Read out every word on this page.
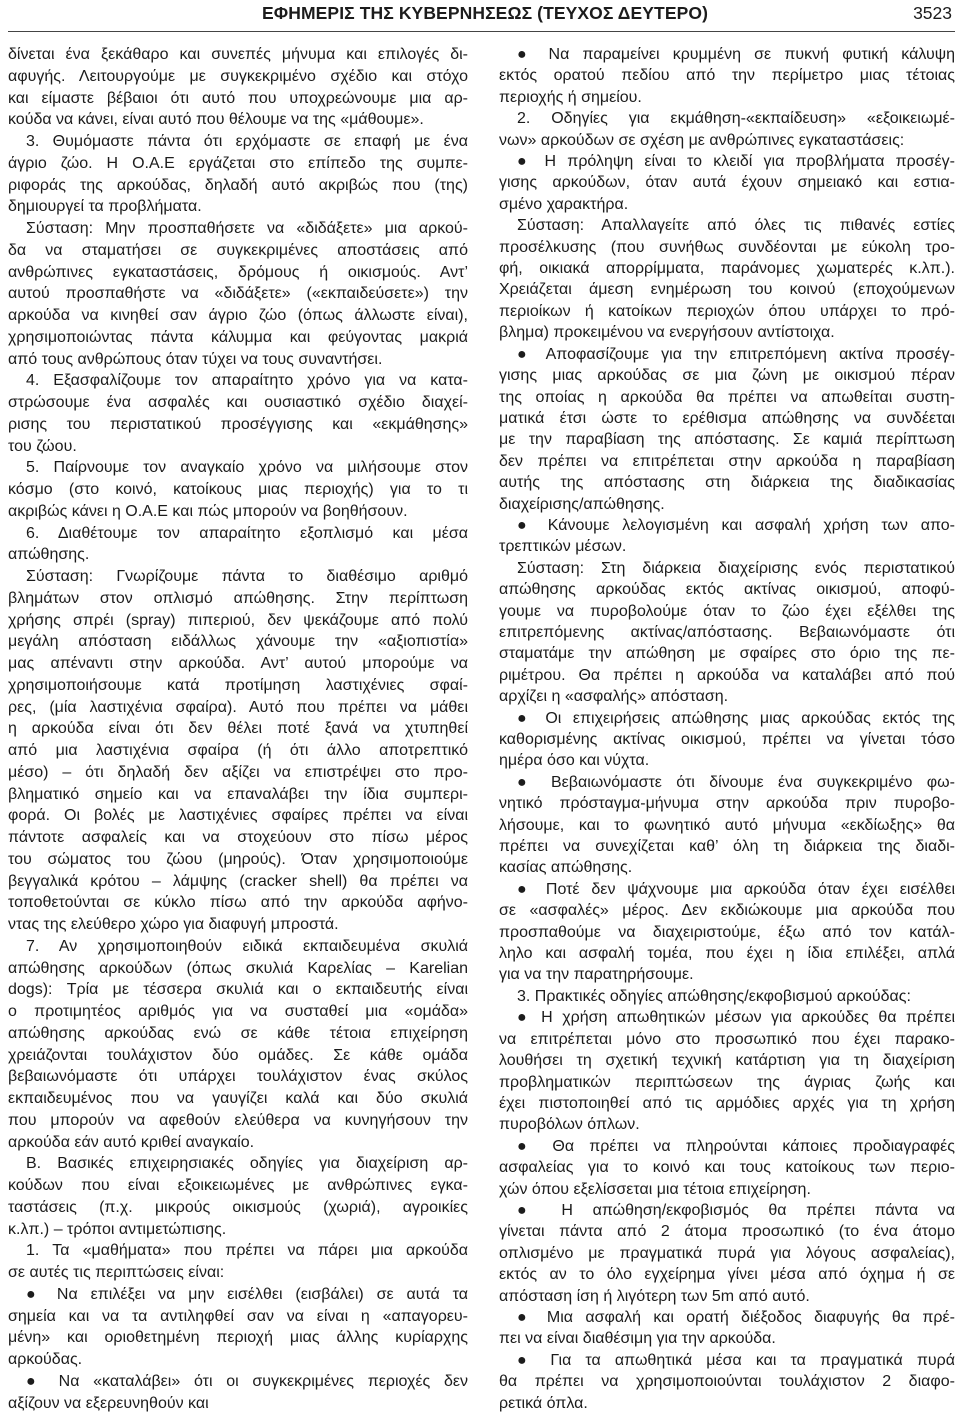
ΕΦΗΜΕΡΙΣ ΤΗΣ ΚΥΒΕΡΝΗΣΕΩΣ (ΤΕΥΧΟΣ ΔΕΥΤΕΡΟ)	3523
δίνεται ένα ξεκάθαρο και συνεπές μήνυμα και επιλογές δι-
αφυγής. Λειτουργούμε με συγκεκριμένο σχέδιο και στόχο
και είμαστε βέβαιοι ότι αυτό που υποχρεώνουμε μια αρ-
κούδα να κάνει, είναι αυτό που θέλουμε να της «μάθουμε».
3. Θυμόμαστε πάντα ότι ερχόμαστε σε επαφή με ένα
άγριο ζώο. Η Ο.Α.Ε εργάζεται στο επίπεδο της συμπε-
ριφοράς της αρκούδας, δηλαδή αυτό ακριβώς που (της)
δημιουργεί τα προβλήματα.
Σύσταση: Μην προσπαθήσετε να «διδάξετε» μια αρκού-
δα να σταματήσει σε συγκεκριμένες αποστάσεις από
ανθρώπινες εγκαταστάσεις, δρόμους ή οικισμούς. Αντ’
αυτού προσπαθήστε να «διδάξετε» («εκπαιδεύσετε») την
αρκούδα να κινηθεί σαν άγριο ζώο (όπως άλλωστε είναι),
χρησιμοποιώντας πάντα κάλυμμα και φεύγοντας μακριά
από τους ανθρώπους όταν τύχει να τους συναντήσει.
4. Εξασφαλίζουμε τον απαραίτητο χρόνο για να κατα-
στρώσουμε ένα ασφαλές και ουσιαστικό σχέδιο διαχεί-
ρισης του περιστατικού προσέγγισης και «εκμάθησης»
του ζώου.
5. Παίρνουμε τον αναγκαίο χρόνο να μιλήσουμε στον
κόσμο (στο κοινό, κατοίκους μιας περιοχής) για το τι
ακριβώς κάνει η Ο.Α.Ε και πώς μπορούν να βοηθήσουν.
6. Διαθέτουμε τον απαραίτητο εξοπλισμό και μέσα
απώθησης.
Σύσταση: Γνωρίζουμε πάντα το διαθέσιμο αριθμό
βλημάτων στον οπλισμό απώθησης. Στην περίπτωση
χρήσης σπρέι (spray) πιπεριού, δεν ψεκάζουμε από πολύ
μεγάλη απόσταση ειδάλλως χάνουμε την «αξιοπιστία»
μας απέναντι στην αρκούδα. Αντ’ αυτού μπορούμε να
χρησιμοποιήσουμε κατά προτίμηση λαστιχένιες σφαί-
ρες, (μία λαστιχένια σφαίρα). Αυτό που πρέπει να μάθει
η αρκούδα είναι ότι δεν θέλει ποτέ ξανά να χτυπηθεί
από μια λαστιχένια σφαίρα (ή ότι άλλο αποτρεπτικό
μέσο) – ότι δηλαδή δεν αξίζει να επιστρέψει στο προ-
βληματικό σημείο και να επαναλάβει την ίδια συμπερι-
φορά. Οι βολές με λαστιχένιες σφαίρες πρέπει να είναι
πάντοτε ασφαλείς και να στοχεύουν στο πίσω μέρος
του σώματος του ζώου (μηρούς). Όταν χρησιμοποιούμε
βεγγαλικά κρότου – λάμψης (cracker shell) θα πρέπει να
τοποθετούνται σε κύκλο πίσω από την αρκούδα αφήνο-
ντας της ελεύθερο χώρο για διαφυγή μπροστά.
7. Αν χρησιμοποιηθούν ειδικά εκπαιδευμένα σκυλιά
απώθησης αρκούδων (όπως σκυλιά Καρελίας – Karelian
dogs): Τρία με τέσσερα σκυλιά και ο εκπαιδευτής είναι
ο προτιμητέος αριθμός για να συσταθεί μια «ομάδα»
απώθησης αρκούδας ενώ σε κάθε τέτοια επιχείρηση
χρειάζονται τουλάχιστον δύο ομάδες. Σε κάθε ομάδα
βεβαιωνόμαστε ότι υπάρχει τουλάχιστον ένας σκύλος
εκπαιδευμένος που να γαυγίζει καλά και δύο σκυλιά
που μπορούν να αφεθούν ελεύθερα να κυνηγήσουν την
αρκούδα εάν αυτό κριθεί αναγκαίο.
Β. Βασικές επιχειρησιακές οδηγίες για διαχείριση αρ-
κούδων που είναι εξοικειωμένες με ανθρώπινες εγκα-
ταστάσεις (π.χ. μικρούς οικισμούς (χωριά), αγροικίες
κ.λπ.) – τρόποι αντιμετώπισης.
1. Τα «μαθήματα» που πρέπει να πάρει μια αρκούδα
σε αυτές τις περιπτώσεις είναι:
● Να επιλέξει να μην εισέλθει (εισβάλει) σε αυτά τα
σημεία και να τα αντιληφθεί σαν να είναι η «απαγορευ-
μένη» και οριοθετημένη περιοχή μιας άλλης κυρίαρχης
αρκούδας.
● Να «καταλάβει» ότι οι συγκεκριμένες περιοχές δεν
αξίζουν να εξερευνηθούν και
● Να παραμείνει κρυμμένη σε πυκνή φυτική κάλυψη
εκτός ορατού πεδίου από την περίμετρο μιας τέτοιας
περιοχής ή σημείου.
2. Οδηγίες για εκμάθηση-«εκπαίδευση» «εξοικειωμέ-
νων» αρκούδων σε σχέση με ανθρώπινες εγκαταστάσεις:
● Η πρόληψη είναι το κλειδί για προβλήματα προσέγ-
γισης αρκούδων, όταν αυτά έχουν σημειακό και εστια-
σμένο χαρακτήρα.
Σύσταση: Απαλλαγείτε από όλες τις πιθανές εστίες
προσέλκυσης (που συνήθως συνδέονται με εύκολη τρο-
φή, οικιακά απορρίμματα, παράνομες χωματερές κ.λπ.).
Χρειάζεται άμεση ενημέρωση του κοινού (εποχούμενων
περιοίκων ή κατοίκων περιοχών όπου υπάρχει το πρό-
βλημα) προκειμένου να ενεργήσουν αντίστοιχα.
● Αποφασίζουμε για την επιτρεπόμενη ακτίνα προσέγ-
γισης μιας αρκούδας σε μια ζώνη με οικισμού πέραν
της οποίας η αρκούδα θα πρέπει να απωθείται συστη-
ματικά έτσι ώστε το ερέθισμα απώθησης να συνδέεται
με την παραβίαση της απόστασης. Σε καμιά περίπτωση
δεν πρέπει να επιτρέπεται στην αρκούδα η παραβίαση
αυτής της απόστασης στη διάρκεια της διαδικασίας
διαχείρισης/απώθησης.
● Κάνουμε λελογισμένη και ασφαλή χρήση των απο-
τρεπτικών μέσων.
Σύσταση: Στη διάρκεια διαχείρισης ενός περιστατικού
απώθησης αρκούδας εκτός ακτίνας οικισμού, αποφύ-
γουμε να πυροβολούμε όταν το ζώο έχει εξέλθει της
επιτρεπόμενης ακτίνας/απόστασης. Βεβαιωνόμαστε ότι
σταματάμε την απώθηση με σφαίρες στο όριο της πε-
ριμέτρου. Θα πρέπει η αρκούδα να καταλάβει από πού
αρχίζει η «ασφαλής» απόσταση.
● Οι επιχειρήσεις απώθησης μιας αρκούδας εκτός της
καθορισμένης ακτίνας οικισμού, πρέπει να γίνεται τόσο
ημέρα όσο και νύχτα.
● Βεβαιωνόμαστε ότι δίνουμε ένα συγκεκριμένο φω-
νητικό πρόσταγμα-μήνυμα στην αρκούδα πριν πυροβο-
λήσουμε, και το φωνητικό αυτό μήνυμα «εκδίωξης» θα
πρέπει να συνεχίζεται καθ’ όλη τη διάρκεια της διαδι-
κασίας απώθησης.
● Ποτέ δεν ψάχνουμε μια αρκούδα όταν έχει εισέλθει
σε «ασφαλές» μέρος. Δεν εκδιώκουμε μια αρκούδα που
προσπαθούμε να διαχειριστούμε, έξω από τον κατάλ-
ληλο και ασφαλή τομέα, που έχει η ίδια επιλέξει, απλά
για να την παρατηρήσουμε.
3. Πρακτικές οδηγίες απώθησης/εκφοβισμού αρκούδας:
● Η χρήση απωθητικών μέσων για αρκούδες θα πρέπει
να επιτρέπεται μόνο στο προσωπικό που έχει παρακο-
λουθήσει τη σχετική τεχνική κατάρτιση για τη διαχείριση
προβληματικών περιπτώσεων της άγριας ζωής και
έχει πιστοποιηθεί από τις αρμόδιες αρχές για τη χρήση
πυροβόλων όπλων.
● Θα πρέπει να πληρούνται κάποιες προδιαγραφές
ασφαλείας για το κοινό και τους κατοίκους των περιο-
χών όπου εξελίσσεται μια τέτοια επιχείρηση.
● Η απώθηση/εκφοβισμός θα πρέπει πάντα να
γίνεται πάντα από 2 άτομα προσωπικό (το ένα άτομο
οπλισμένο με πραγματικά πυρά για λόγους ασφαλείας),
εκτός αν το όλο εγχείρημα γίνει μέσα από όχημα ή σε
απόσταση ίση ή λιγότερη των 5m από αυτό.
● Μια ασφαλή και ορατή διέξοδος διαφυγής θα πρέ-
πει να είναι διαθέσιμη για την αρκούδα.
● Για τα απωθητικά μέσα και τα πραγματικά πυρά
θα πρέπει να χρησιμοποιούνται τουλάχιστον 2 διαφο-
ρετικά όπλα.
